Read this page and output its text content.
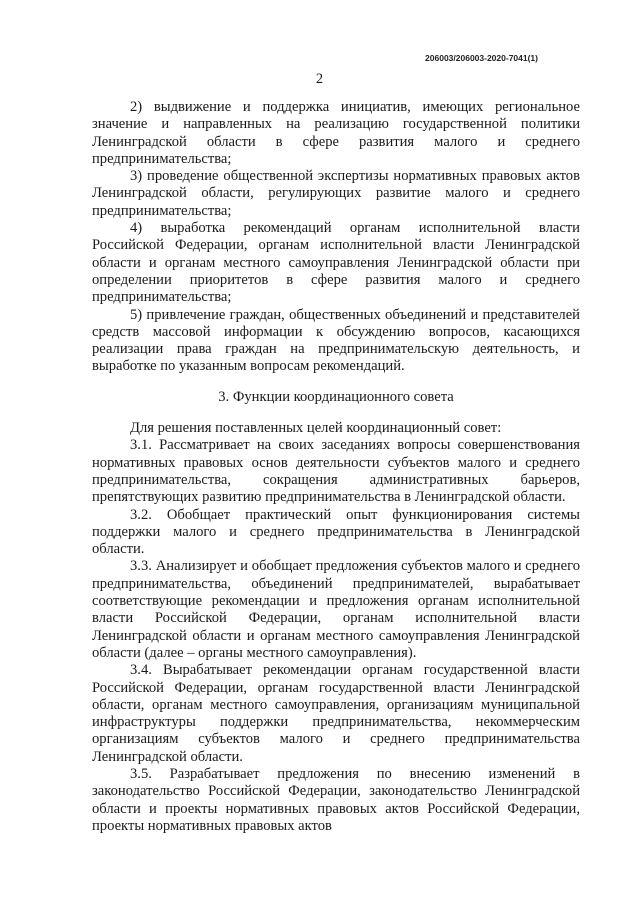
206003/206003-2020-7041(1)
2

2) выдвижение и поддержка инициатив, имеющих региональное значение и направленных на реализацию государственной политики Ленинградской области в сфере развития малого и среднего предпринимательства;

3) проведение общественной экспертизы нормативных правовых актов Ленинградской области, регулирующих развитие малого и среднего предпринимательства;

4) выработка рекомендаций органам исполнительной власти Российской Федерации, органам исполнительной власти Ленинградской области и органам местного самоуправления Ленинградской области при определении приоритетов в сфере развития малого и среднего предпринимательства;

5) привлечение граждан, общественных объединений и представителей средств массовой информации к обсуждению вопросов, касающихся реализации права граждан на предпринимательскую деятельность, и выработке по указанным вопросам рекомендаций.

3. Функции координационного совета

Для решения поставленных целей координационный совет:

3.1. Рассматривает на своих заседаниях вопросы совершенствования нормативных правовых основ деятельности субъектов малого и среднего предпринимательства, сокращения административных барьеров, препятствующих развитию предпринимательства в Ленинградской области.

3.2. Обобщает практический опыт функционирования системы поддержки малого и среднего предпринимательства в Ленинградской области.

3.3. Анализирует и обобщает предложения субъектов малого и среднего предпринимательства, объединений предпринимателей, вырабатывает соответствующие рекомендации и предложения органам исполнительной власти Российской Федерации, органам исполнительной власти Ленинградской области и органам местного самоуправления Ленинградской области (далее – органы местного самоуправления).

3.4. Вырабатывает рекомендации органам государственной власти Российской Федерации, органам государственной власти Ленинградской области, органам местного самоуправления, организациям муниципальной инфраструктуры поддержки предпринимательства, некоммерческим организациям субъектов малого и среднего предпринимательства Ленинградской области.

3.5. Разрабатывает предложения по внесению изменений в законодательство Российской Федерации, законодательство Ленинградской области и проекты нормативных правовых актов Российской Федерации, проекты нормативных правовых актов
